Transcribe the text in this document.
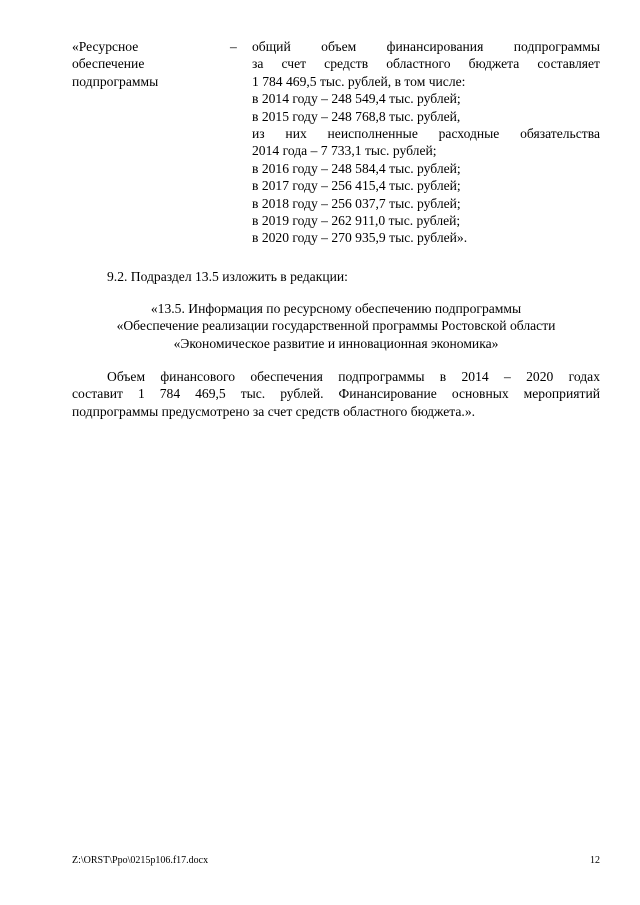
«Ресурсное
обеспечение
подпрограммы
–	общий объем финансирования подпрограммы
за счет средств областного бюджета составляет
1 784 469,5 тыс. рублей, в том числе:
в 2014 году – 248 549,4 тыс. рублей;
в 2015 году – 248 768,8 тыс. рублей,
из них неисполненные расходные обязательства
2014 года – 7 733,1 тыс. рублей;
в 2016 году – 248 584,4 тыс. рублей;
в 2017 году – 256 415,4 тыс. рублей;
в 2018 году – 256 037,7 тыс. рублей;
в 2019 году – 262 911,0 тыс. рублей;
в 2020 году – 270 935,9 тыс. рублей».
9.2. Подраздел 13.5 изложить в редакции:
«13.5. Информация по ресурсному обеспечению подпрограммы
«Обеспечение реализации государственной программы Ростовской области
«Экономическое развитие и инновационная экономика»
Объем финансового обеспечения подпрограммы в 2014 – 2020 годах
составит 1 784 469,5 тыс. рублей. Финансирование основных мероприятий
подпрограммы предусмотрено за счет средств областного бюджета.».
Z:\ORST\Ppo\0215p106.f17.docx	12
